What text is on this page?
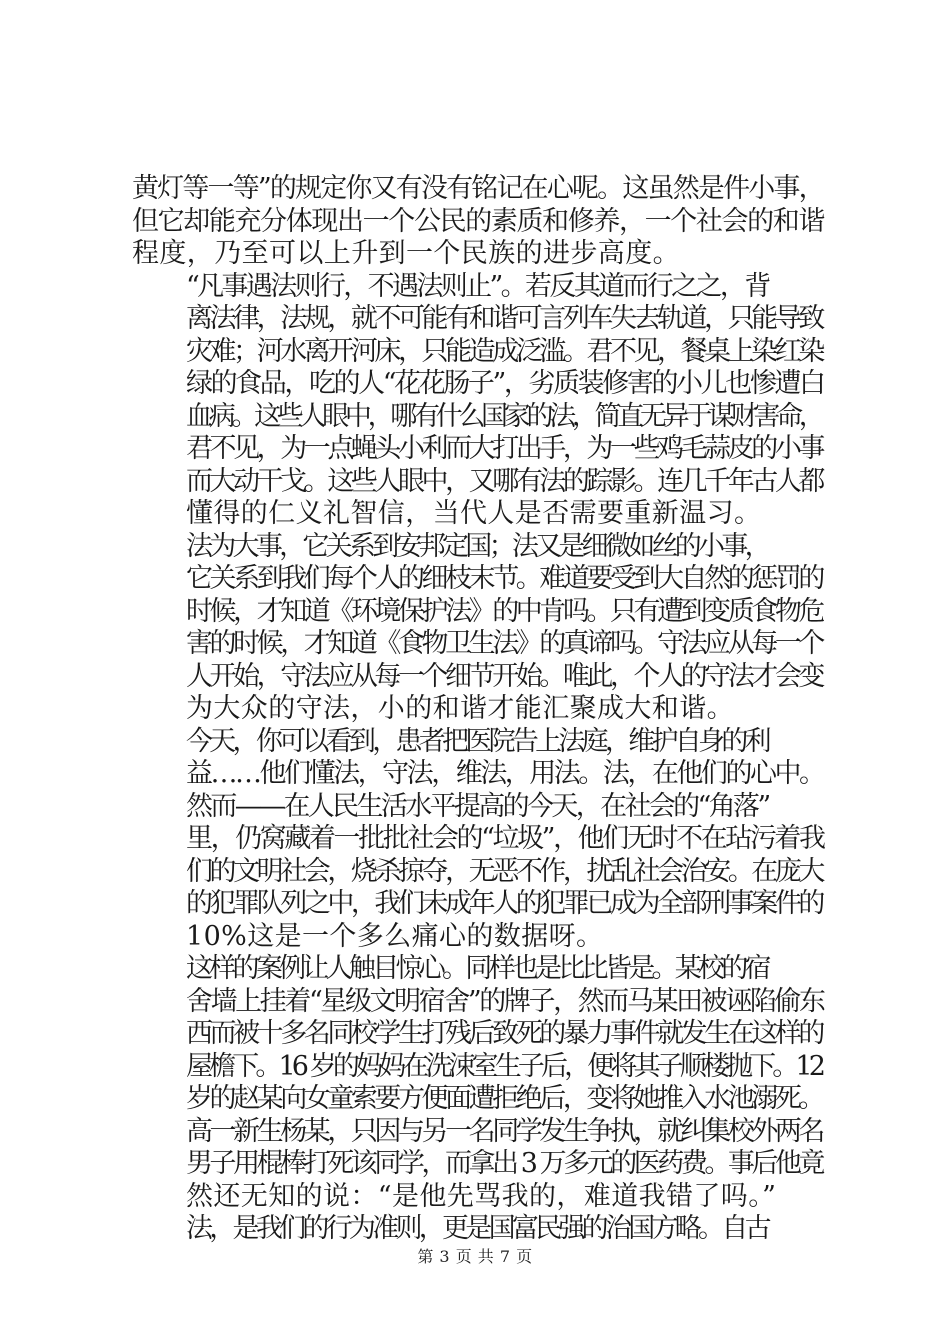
黄灯等一等”的规定你又有没有铭记在心呢。这虽然是件小事，
但它却能充分体现出一个公民的素质和修养，一个社会的和谐
程度，乃至可以上升到一个民族的进步高度。

“凡事遇法则行，不遇法则止”。若反其道而行之之，背
离法律，法规，就不可能有和谐可言列车失去轨道，只能导致
灾难；河水离开河床，只能造成泛滥。君不见，餐桌上染红染
绿的食品，吃的人“花花肠子”，劣质装修害的小儿也惨遭白
血病。这些人眼中，哪有什么国家的法，简直无异于谋财害命，
君不见，为一点蝇头小利而大打出手，为一些鸡毛蒜皮的小事
而大动干戈。这些人眼中，又哪有法的踪影。连几千年古人都
懂得的仁义礼智信，当代人是否需要重新温习。

法为大事，它关系到安邦定国；法又是细微如丝的小事，
它关系到我们每个人的细枝末节。难道要受到大自然的惩罚的
时候，才知道《环境保护法》的中肯吗。只有遭到变质食物危
害的时候，才知道《食物卫生法》的真谛吗。守法应从每一个
人开始，守法应从每一个细节开始。唯此，个人的守法才会变
为大众的守法，小的和谐才能汇聚成大和谐。

今天，你可以看到，患者把医院告上法庭，维护自身的利
益……他们懂法，守法，维法，用法。法，在他们的心中。

然而——在人民生活水平提高的今天，在社会的“角落”
里，仍窝藏着一批批社会的“垃圾”，他们无时不在玷污着我
们的文明社会，烧杀掠夺，无恶不作，扰乱社会治安。在庞大
的犯罪队列之中，我们未成年人的犯罪已成为全部刑事案件的
10%这是一个多么痛心的数据呀。

这样的案例让人触目惊心。同样也是比比皆是。某校的宿
舍墙上挂着“星级文明宿舍”的牌子，然而马某田被诬陷偷东
西而被十多名同校学生打残后致死的暴力事件就发生在这样的
屋檐下。16 岁的妈妈在洗涑室生子后，便将其子顺楼抛下。12
岁的赵某向女童索要方便面遭拒绝后，变将她推入水池溺死。
高一新生杨某，只因与另一名同学发生争执，就纠集校外两名
男子用棍棒打死该同学，而拿出 3 万多元的医药费。事后他竟
然还无知的说：“是他先骂我的，难道我错了吗。”

法，是我们的行为准则，更是国富民强的治国方略。自古

第 3 页 共 7 页
